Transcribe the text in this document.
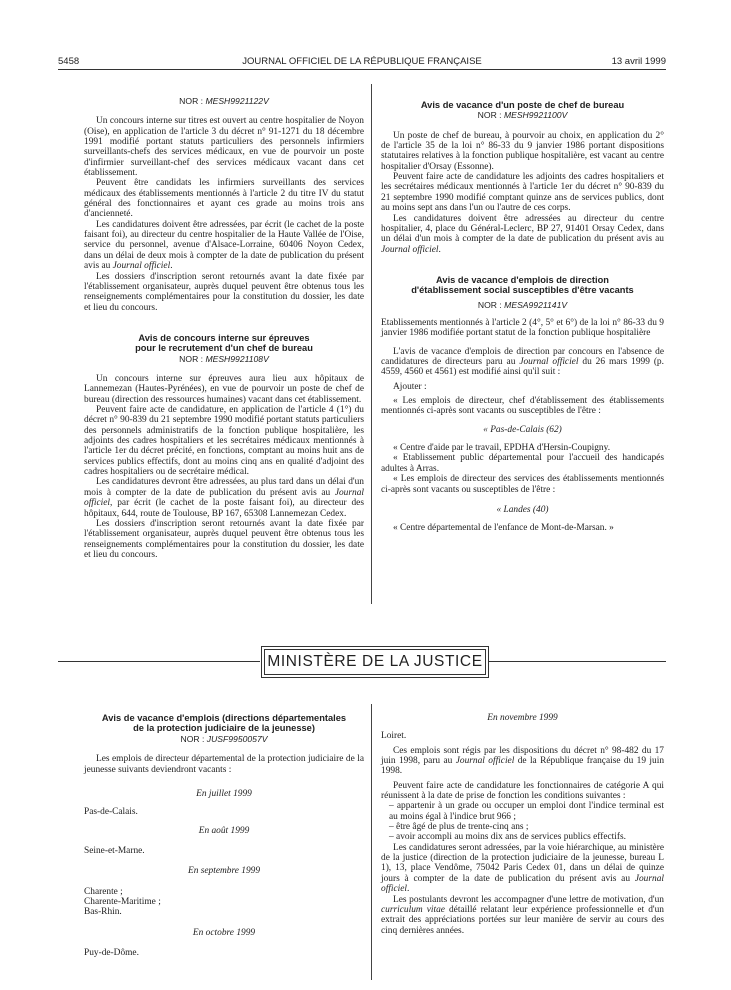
5458	JOURNAL OFFICIEL DE LA RÉPUBLIQUE FRANÇAISE	13 avril 1999
NOR : MESH9921122V

Un concours interne sur titres est ouvert au centre hospitalier de Noyon (Oise), en application de l'article 3 du décret n° 91-1271 du 18 décembre 1991 modifié portant statuts particuliers des personnels infirmiers surveillants-chefs des services médicaux, en vue de pourvoir un poste d'infirmier surveillant-chef des services médicaux vacant dans cet établissement.

Peuvent être candidats les infirmiers surveillants des services médicaux des établissements mentionnés à l'article 2 du titre IV du statut général des fonctionnaires et ayant ces grade au moins trois ans d'ancienneté.

Les candidatures doivent être adressées, par écrit (le cachet de la poste faisant foi), au directeur du centre hospitalier de la Haute Vallée de l'Oise, service du personnel, avenue d'Alsace-Lorraine, 60406 Noyon Cedex, dans un délai de deux mois à compter de la date de publication du présent avis au Journal officiel.

Les dossiers d'inscription seront retournés avant la date fixée par l'établissement organisateur, auprès duquel peuvent être obtenus tous les renseignements complémentaires pour la constitution du dossier, les date et lieu du concours.

Avis de concours interne sur épreuves
pour le recrutement d'un chef de bureau
NOR : MESH9921108V

Un concours interne sur épreuves aura lieu aux hôpitaux de Lannemezan (Hautes-Pyrénées), en vue de pourvoir un poste de chef de bureau (direction des ressources humaines) vacant dans cet établissement.

Peuvent faire acte de candidature, en application de l'article 4 (1°) du décret n° 90-839 du 21 septembre 1990 modifié portant statuts particuliers des personnels administratifs de la fonction publique hospitalière, les adjoints des cadres hospitaliers et les secrétaires médicaux mentionnés à l'article 1er du décret précité, en fonctions, comptant au moins huit ans de services publics effectifs, dont au moins cinq ans en qualité d'adjoint des cadres hospitaliers ou de secrétaire médical.

Les candidatures devront être adressées, au plus tard dans un délai d'un mois à compter de la date de publication du présent avis au Journal officiel, par écrit (le cachet de la poste faisant foi), au directeur des hôpitaux, 644, route de Toulouse, BP 167, 65308 Lannemezan Cedex.

Les dossiers d'inscription seront retournés avant la date fixée par l'établissement organisateur, auprès duquel peuvent être obtenus tous les renseignements complémentaires pour la constitution du dossier, les date et lieu du concours.

Avis de vacance d'un poste de chef de bureau
NOR : MESH9921100V

Un poste de chef de bureau, à pourvoir au choix, en application du 2° de l'article 35 de la loi n° 86-33 du 9 janvier 1986 portant dispositions statutaires relatives à la fonction publique hospitalière, est vacant au centre hospitalier d'Orsay (Essonne).

Peuvent faire acte de candidature les adjoints des cadres hospitaliers et les secrétaires médicaux mentionnés à l'article 1er du décret n° 90-839 du 21 septembre 1990 modifié comptant quinze ans de services publics, dont au moins sept ans dans l'un ou l'autre de ces corps.

Les candidatures doivent être adressées au directeur du centre hospitalier, 4, place du Général-Leclerc, BP 27, 91401 Orsay Cedex, dans un délai d'un mois à compter de la date de publication du présent avis au Journal officiel.

Avis de vacance d'emplois de direction
d'établissement social susceptibles d'être vacants
NOR : MESA9921141V

Etablissements mentionnés à l'article 2 (4°, 5° et 6°) de la loi n° 86-33 du 9 janvier 1986 modifiée portant statut de la fonction publique hospitalière

L'avis de vacance d'emplois de direction par concours en l'absence de candidatures de directeurs paru au Journal officiel du 26 mars 1999 (p. 4559, 4560 et 4561) est modifié ainsi qu'il suit :

Ajouter :

« Les emplois de directeur, chef d'établissement des établissements mentionnés ci-après sont vacants ou susceptibles de l'être :

« Pas-de-Calais (62)

« Centre d'aide par le travail, EPDHA d'Hersin-Coupigny.

« Etablissement public départemental pour l'accueil des handicapés adultes à Arras.

« Les emplois de directeur des services des établissements mentionnés ci-après sont vacants ou susceptibles de l'être :

« Landes (40)

« Centre départemental de l'enfance de Mont-de-Marsan. »

MINISTÈRE DE LA JUSTICE
Avis de vacance d'emplois (directions départementales
de la protection judiciaire de la jeunesse)
NOR : JUSF9950057V

Les emplois de directeur départemental de la protection judiciaire de la jeunesse suivants deviendront vacants :

En juillet 1999

Pas-de-Calais.

En août 1999

Seine-et-Marne.

En septembre 1999

Charente ;

Charente-Maritime ;

Bas-Rhin.

En octobre 1999

Puy-de-Dôme.

En novembre 1999

Loiret.

Ces emplois sont régis par les dispositions du décret n° 98-482 du 17 juin 1998, paru au Journal officiel de la République française du 19 juin 1998.

Peuvent faire acte de candidature les fonctionnaires de catégorie A qui réunissent à la date de prise de fonction les conditions suivantes :

– appartenir à un grade ou occuper un emploi dont l'indice terminal est au moins égal à l'indice brut 966 ;

– être âgé de plus de trente-cinq ans ;

– avoir accompli au moins dix ans de services publics effectifs.

Les candidatures seront adressées, par la voie hiérarchique, au ministère de la justice (direction de la protection judiciaire de la jeunesse, bureau L 1), 13, place Vendôme, 75042 Paris Cedex 01, dans un délai de quinze jours à compter de la date de publication du présent avis au Journal officiel.

Les postulants devront les accompagner d'une lettre de motivation, d'un curriculum vitae détaillé relatant leur expérience professionnelle et d'un extrait des appréciations portées sur leur manière de servir au cours des cinq dernières années.
